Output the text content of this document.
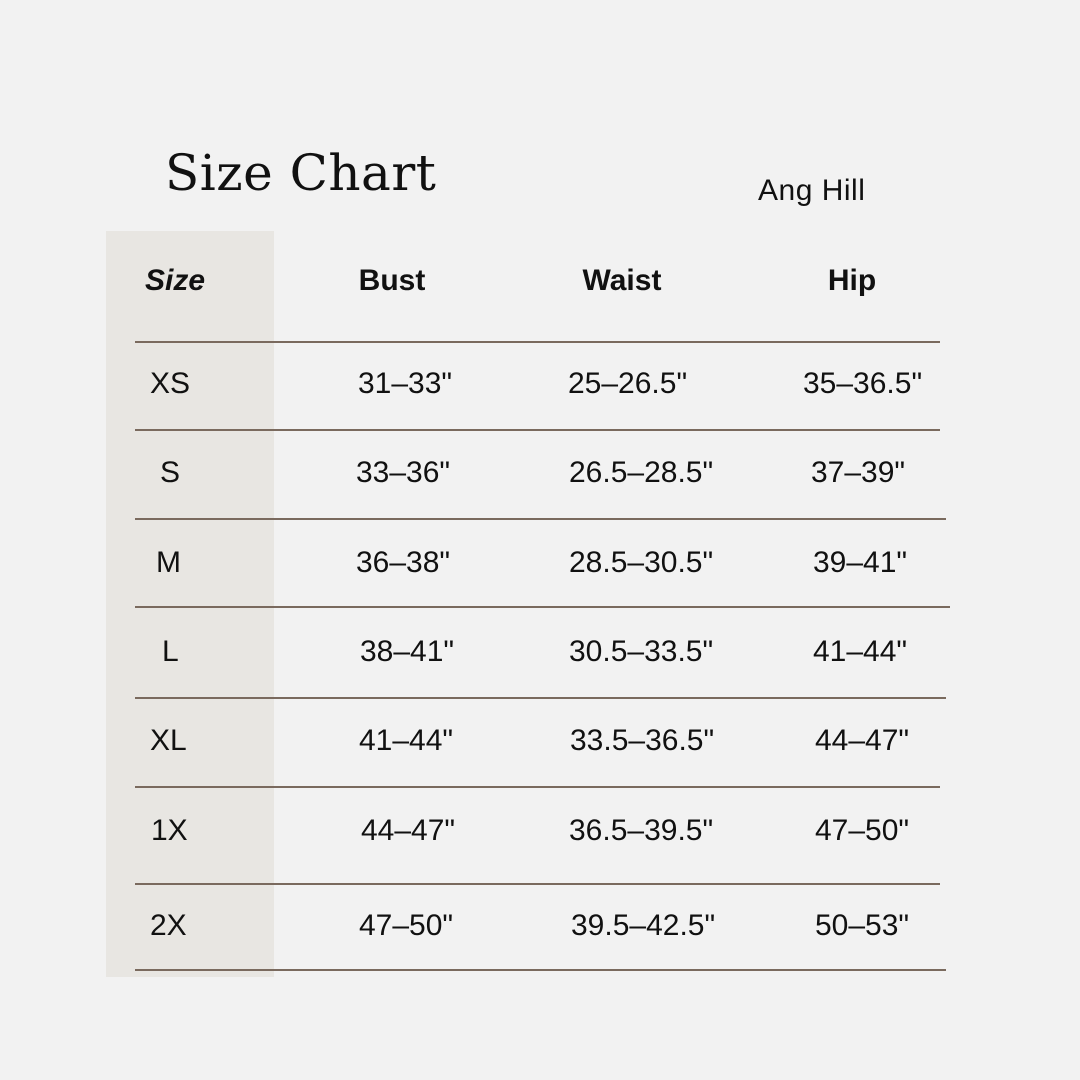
Size Chart	Ang Hill
Size	Bust	Waist	Hip
XS	31–33"	25–26.5"	35–36.5"
S	33–36"	26.5–28.5"	37–39"
M	36–38"	28.5–30.5"	39–41"
L	38–41"	30.5–33.5"	41–44"
XL	41–44"	33.5–36.5"	44–47"
1X	44–47"	36.5–39.5"	47–50"
2X	47–50"	39.5–42.5"	50–53"
